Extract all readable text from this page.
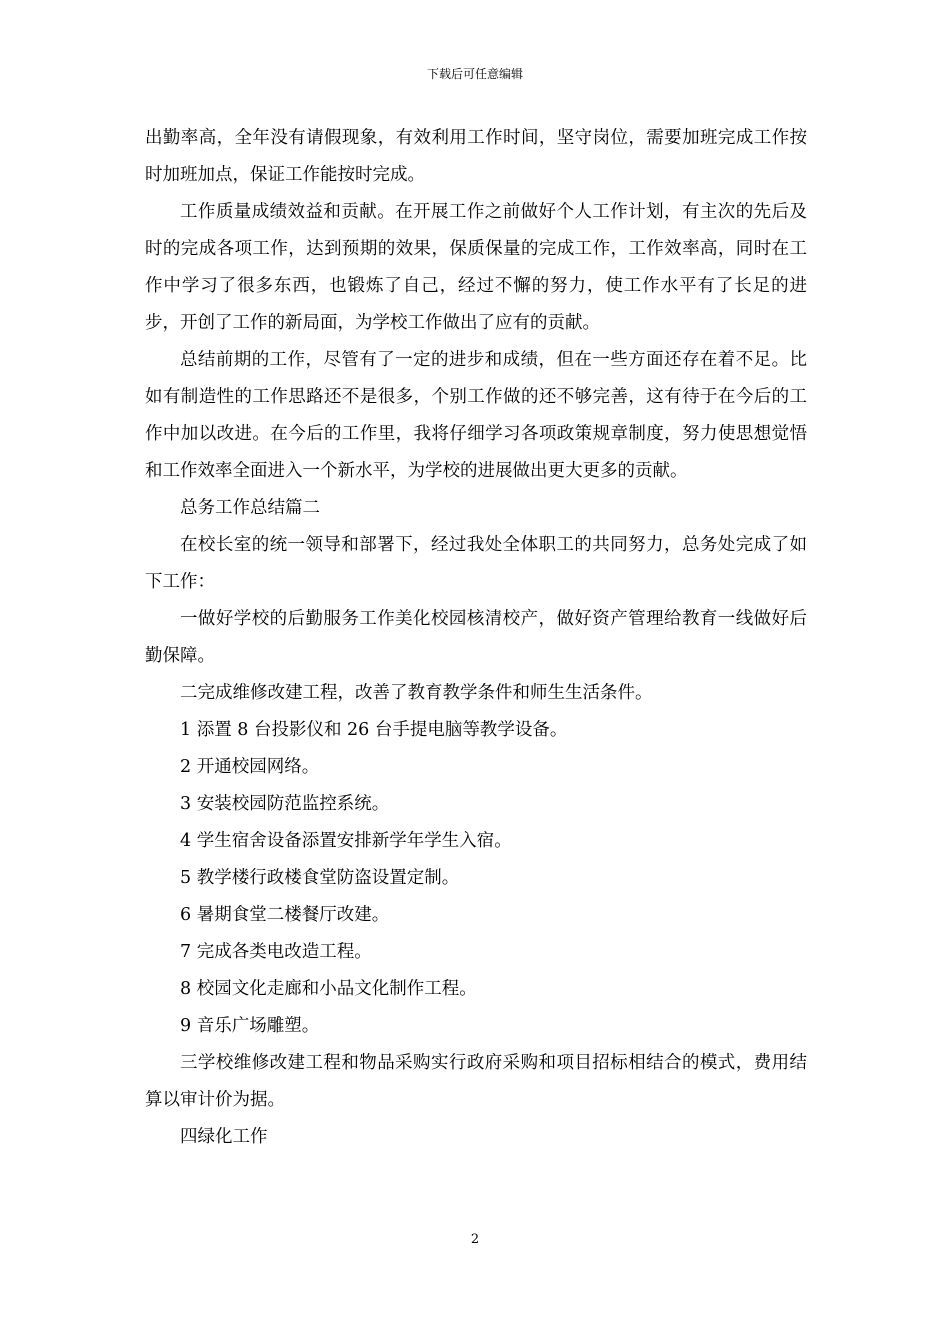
下载后可任意编辑

出勤率高，全年没有请假现象，有效利用工作时间，坚守岗位，需要加班完成工作按时加班加点，保证工作能按时完成。

工作质量成绩效益和贡献。在开展工作之前做好个人工作计划，有主次的先后及时的完成各项工作，达到预期的效果，保质保量的完成工作，工作效率高，同时在工作中学习了很多东西，也锻炼了自己，经过不懈的努力，使工作水平有了长足的进步，开创了工作的新局面，为学校工作做出了应有的贡献。

总结前期的工作，尽管有了一定的进步和成绩，但在一些方面还存在着不足。比如有制造性的工作思路还不是很多，个别工作做的还不够完善，这有待于在今后的工作中加以改进。在今后的工作里，我将仔细学习各项政策规章制度，努力使思想觉悟和工作效率全面进入一个新水平，为学校的进展做出更大更多的贡献。

总务工作总结篇二

在校长室的统一领导和部署下，经过我处全体职工的共同努力，总务处完成了如下工作：

一做好学校的后勤服务工作美化校园核清校产，做好资产管理给教育一线做好后勤保障。

二完成维修改建工程，改善了教育教学条件和师生生活条件。

1 添置 8 台投影仪和 26 台手提电脑等教学设备。

2 开通校园网络。

3 安装校园防范监控系统。

4 学生宿舍设备添置安排新学年学生入宿。

5 教学楼行政楼食堂防盗设置定制。

6 暑期食堂二楼餐厅改建。

7 完成各类电改造工程。

8 校园文化走廊和小品文化制作工程。

9 音乐广场雕塑。

三学校维修改建工程和物品采购实行政府采购和项目招标相结合的模式，费用结算以审计价为据。

四绿化工作

2
